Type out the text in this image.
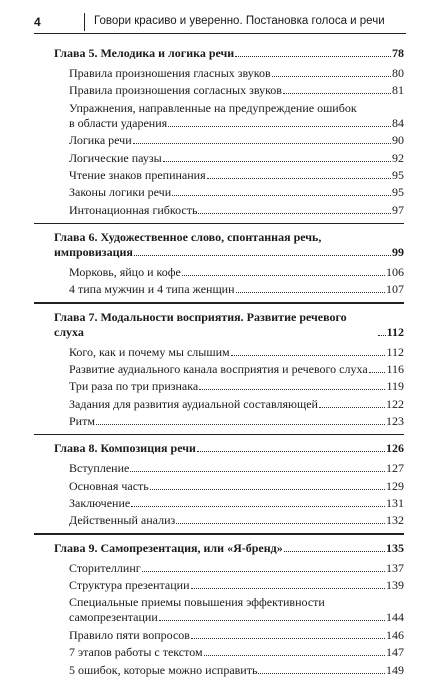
4	Говори красиво и уверенно. Постановка голоса и речи
Глава 5. Мелодика и логика речи	78
Правила произношения гласных звуков	80
Правила произношения согласных звуков	81
Упражнения, направленные на предупреждение ошибок
в области ударения	84
Логика речи	90
Логические паузы	92
Чтение знаков препинания	95
Законы логики речи	95
Интонационная гибкость	97
Глава 6. Художественное слово, спонтанная речь,
импровизация	99
Морковь, яйцо и кофе	106
4 типа мужчин и 4 типа женщин	107
Глава 7. Модальности восприятия. Развитие речевого слуха	112
Кого, как и почему мы слышим	112
Развитие аудиального канала восприятия и речевого слуха 116
Три раза по три признака	119
Задания для развития аудиальной составляющей	122
Ритм	123
Глава 8. Композиция речи	126
Вступление	127
Основная часть	129
Заключение	131
Действенный анализ	132
Глава 9. Самопрезентация, или «Я-бренд»	135
Сторителлинг	137
Структура презентации	139
Специальные приемы повышения эффективности
самопрезентации	144
Правило пяти вопросов	146
7 этапов работы с текстом	147
5 ошибок, которые можно исправить	149
